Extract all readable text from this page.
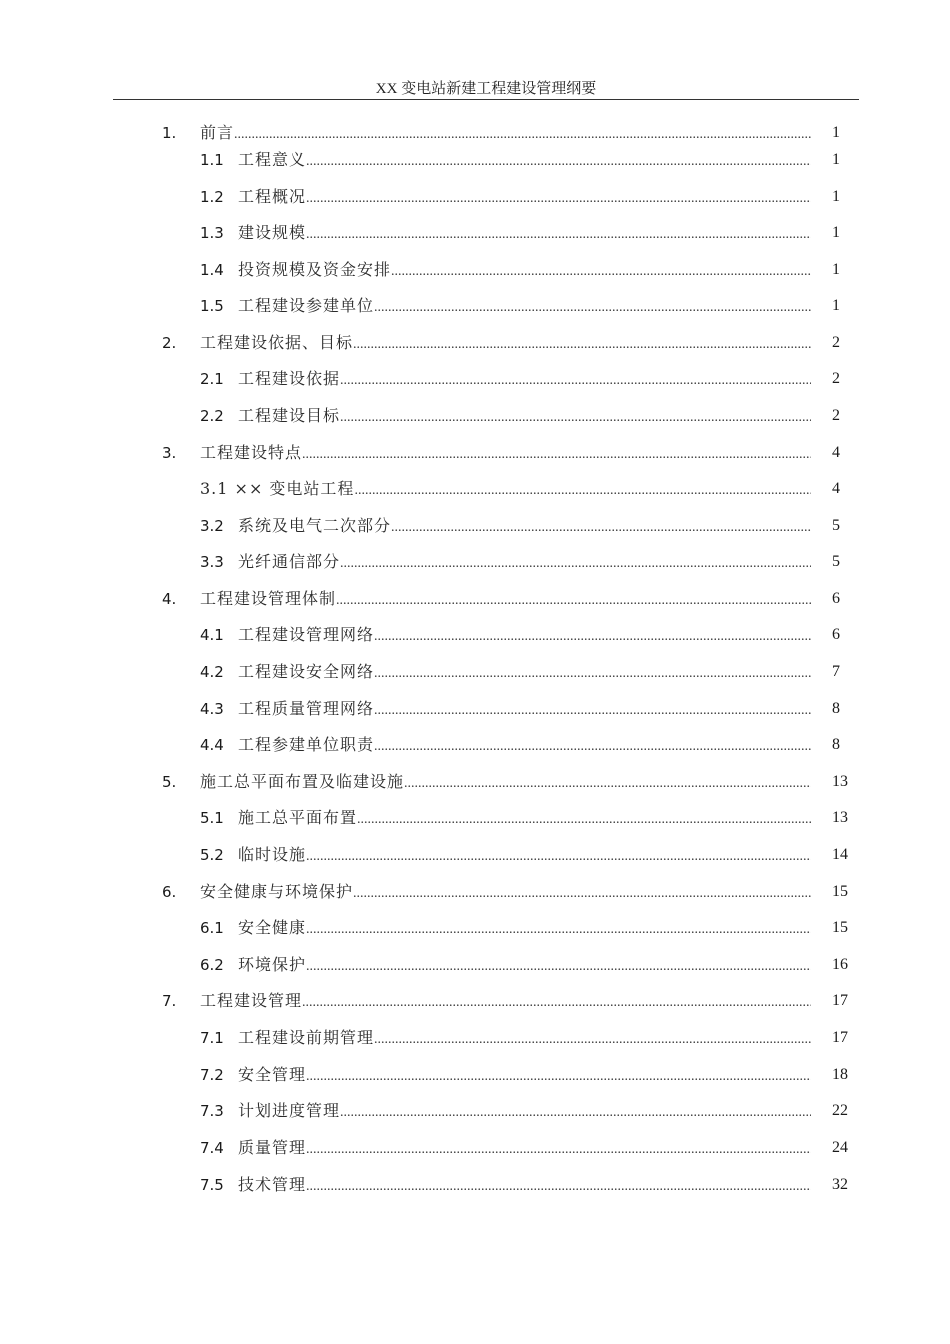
XX 变电站新建工程建设管理纲要
1. 前言 .....	1
1.1 工程意义 .....	1
1.2 工程概况 .....	1
1.3 建设规模 .....	1
1.4 投资规模及资金安排 .....	1
1.5 工程建设参建单位 .....	1
2. 工程建设依据、目标 .....	2
2.1 工程建设依据 .....	2
2.2 工程建设目标 .....	2
3. 工程建设特点 .....	4
3.1 ×× 变电站工程 .....	4
3.2 系统及电气二次部分 .....	5
3.3 光纤通信部分 .....	5
4. 工程建设管理体制 .....	6
4.1 工程建设管理网络 .....	6
4.2 工程建设安全网络 .....	7
4.3 工程质量管理网络 .....	8
4.4 工程参建单位职责 .....	8
5. 施工总平面布置及临建设施 .....	13
5.1 施工总平面布置 .....	13
5.2 临时设施 .....	14
6. 安全健康与环境保护 .....	15
6.1 安全健康 .....	15
6.2 环境保护 .....	16
7. 工程建设管理 .....	17
7.1 工程建设前期管理 .....	17
7.2 安全管理 .....	18
7.3 计划进度管理 .....	22
7.4 质量管理 .....	24
7.5 技术管理 .....	32
